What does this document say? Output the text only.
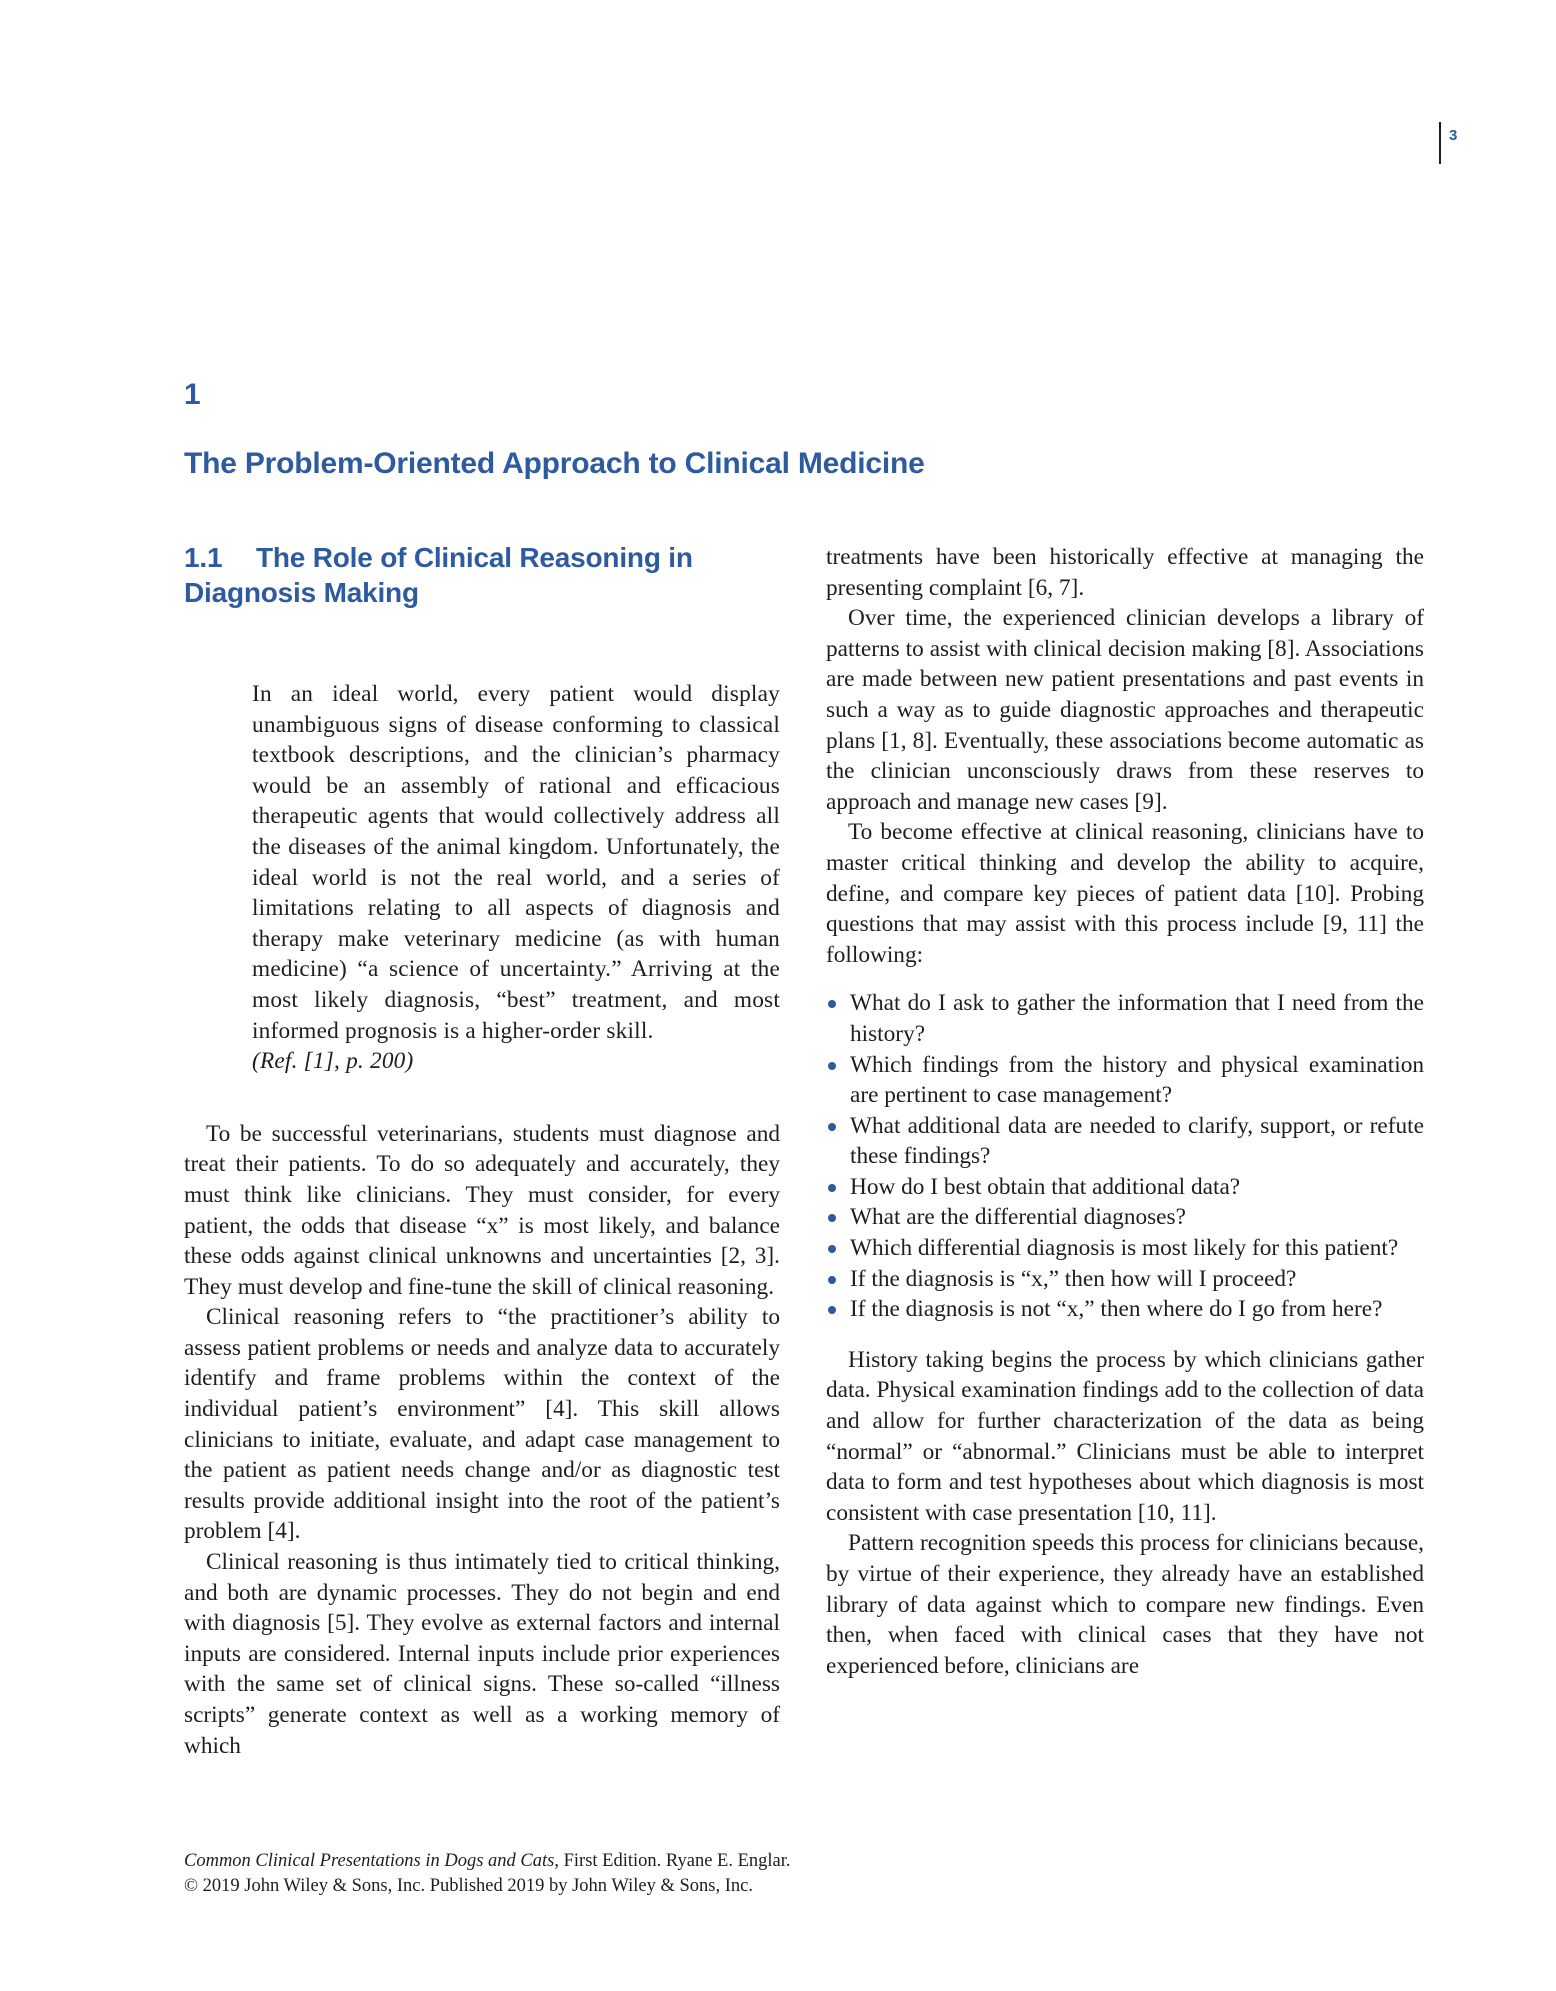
3
1
The Problem-Oriented Approach to Clinical Medicine
1.1 The Role of Clinical Reasoning in Diagnosis Making
In an ideal world, every patient would display unambiguous signs of disease conforming to classical textbook descriptions, and the clinician’s pharmacy would be an assembly of rational and efficacious therapeutic agents that would collectively address all the diseases of the animal kingdom. Unfortunately, the ideal world is not the real world, and a series of limitations relating to all aspects of diagnosis and therapy make veterinary medicine (as with human medicine) “a science of uncertainty.” Arriving at the most likely diagnosis, “best” treatment, and most informed prognosis is a higher-order skill.
(Ref. [1], p. 200)

To be successful veterinarians, students must diagnose and treat their patients. To do so adequately and accurately, they must think like clinicians. They must consider, for every patient, the odds that disease “x” is most likely, and balance these odds against clinical unknowns and uncertainties [2, 3]. They must develop and fine-tune the skill of clinical reasoning.

Clinical reasoning refers to “the practitioner’s ability to assess patient problems or needs and analyze data to accurately identify and frame problems within the context of the individual patient’s environment” [4]. This skill allows clinicians to initiate, evaluate, and adapt case management to the patient as patient needs change and/or as diagnostic test results provide additional insight into the root of the patient’s problem [4].

Clinical reasoning is thus intimately tied to critical thinking, and both are dynamic processes. They do not begin and end with diagnosis [5]. They evolve as external factors and internal inputs are considered. Internal inputs include prior experiences with the same set of clinical signs. These so-called “illness scripts” generate context as well as a working memory of which

treatments have been historically effective at managing the presenting complaint [6, 7].

Over time, the experienced clinician develops a library of patterns to assist with clinical decision making [8]. Associations are made between new patient presentations and past events in such a way as to guide diagnostic approaches and therapeutic plans [1, 8]. Eventually, these associations become automatic as the clinician unconsciously draws from these reserves to approach and manage new cases [9].

To become effective at clinical reasoning, clinicians have to master critical thinking and develop the ability to acquire, define, and compare key pieces of patient data [10]. Probing questions that may assist with this process include [9, 11] the following:

What do I ask to gather the information that I need from the history?
Which findings from the history and physical examination are pertinent to case management?
What additional data are needed to clarify, support, or refute these findings?
How do I best obtain that additional data?
What are the differential diagnoses?
Which differential diagnosis is most likely for this patient?
If the diagnosis is “x,” then how will I proceed?
If the diagnosis is not “x,” then where do I go from here?

History taking begins the process by which clinicians gather data. Physical examination findings add to the collection of data and allow for further characterization of the data as being “normal” or “abnormal.” Clinicians must be able to interpret data to form and test hypotheses about which diagnosis is most consistent with case presentation [10, 11].

Pattern recognition speeds this process for clinicians because, by virtue of their experience, they already have an established library of data against which to compare new findings. Even then, when faced with clinical cases that they have not experienced before, clinicians are

Common Clinical Presentations in Dogs and Cats, First Edition. Ryane E. Englar.
© 2019 John Wiley & Sons, Inc. Published 2019 by John Wiley & Sons, Inc.
